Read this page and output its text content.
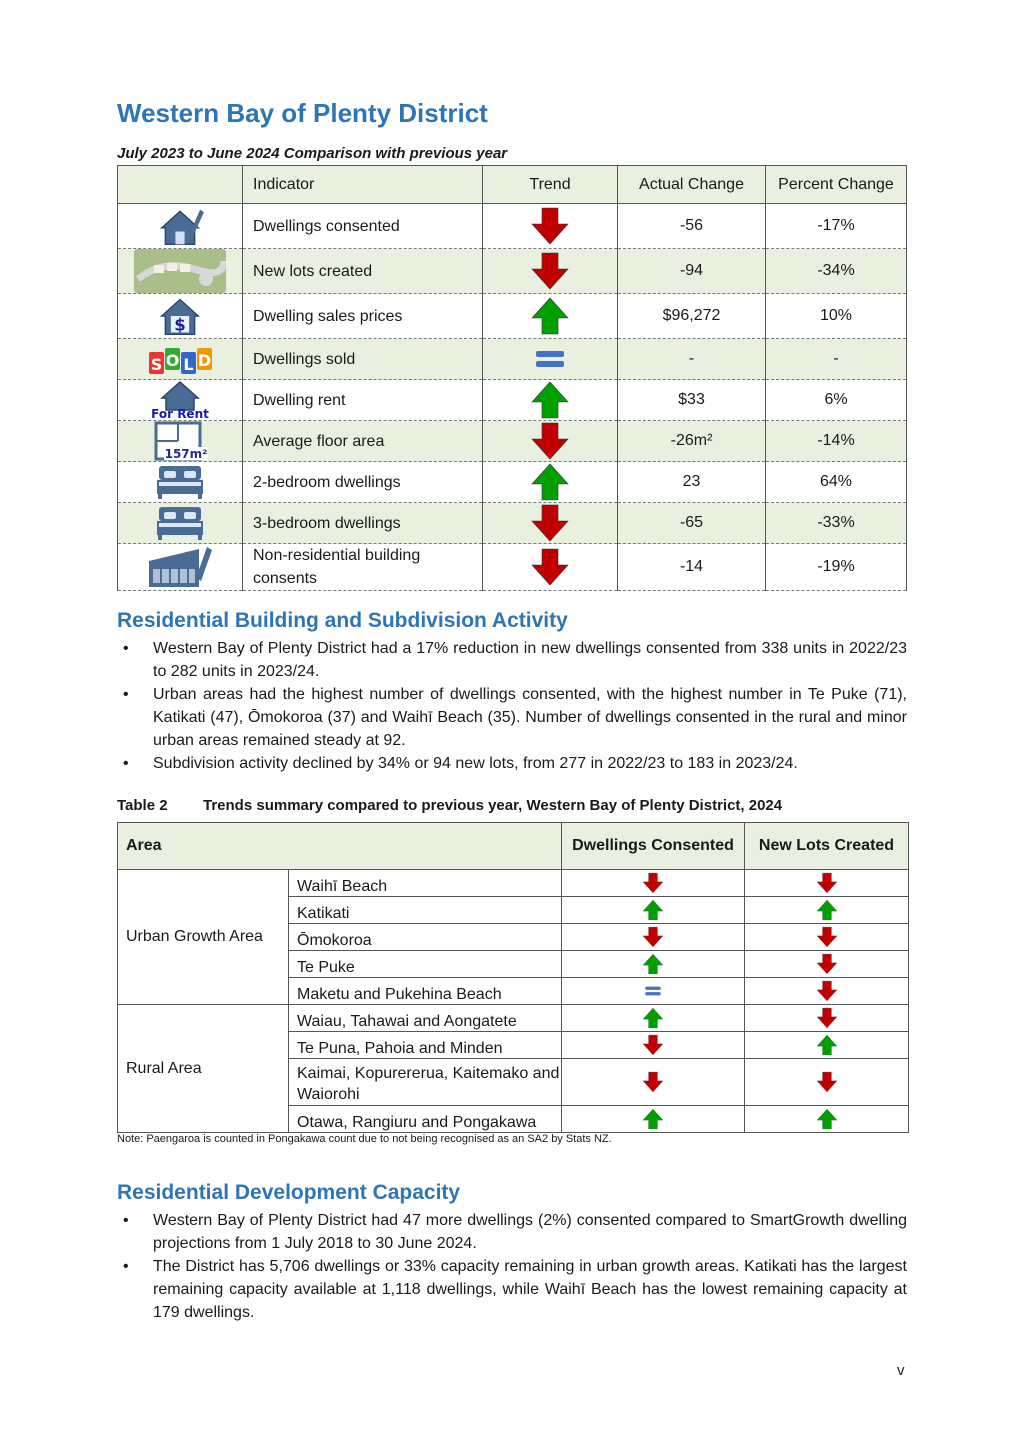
Western Bay of Plenty District
July 2023 to June 2024 Comparison with previous year
	Indicator	Trend	Actual Change	Percent Change
	Dwellings consented		-56	-17%
	New lots created		-94	-34%

$	Dwelling sales prices		$96,272	10%

S O L D	Dwellings sold		-	-

For Rent	Dwelling rent		$33	6%

157m²	Average floor area		-26m²	-14%
	2-bedroom dwellings		23	64%
	3-bedroom dwellings		-65	-33%
	Non-residential building consents		-14	-19%
Residential Building and Subdivision Activity
• Western Bay of Plenty District had a 17% reduction in new dwellings consented from 338 units in 2022/23 to 282 units in 2023/24.
• Urban areas had the highest number of dwellings consented, with the highest number in Te Puke (71), Katikati (47), Ōmokoroa (37) and Waihī Beach (35). Number of dwellings consented in the rural and minor urban areas remained steady at 92.
• Subdivision activity declined by 34% or 94 new lots, from 277 in 2022/23 to 183 in 2023/24.
Table 2 Trends summary compared to previous year, Western Bay of Plenty District, 2024
Area		Dwellings Consented	New Lots Created
Urban Growth Area	Waihī Beach		
	Katikati		
	Ōmokoroa		
	Te Puke		
	Maketu and Pukehina Beach		
Rural Area	Waiau, Tahawai and Aongatete		
	Te Puna, Pahoia and Minden		
	Kaimai, Kopurererua, Kaitemako and Waiorohi		
	Otawa, Rangiuru and Pongakawa		
Note: Paengaroa is counted in Pongakawa count due to not being recognised as an SA2 by Stats NZ.
Residential Development Capacity
• Western Bay of Plenty District had 47 more dwellings (2%) consented compared to SmartGrowth dwelling projections from 1 July 2018 to 30 June 2024.
• The District has 5,706 dwellings or 33% capacity remaining in urban growth areas. Katikati has the largest remaining capacity available at 1,118 dwellings, while Waihī Beach has the lowest remaining capacity at 179 dwellings.
v
